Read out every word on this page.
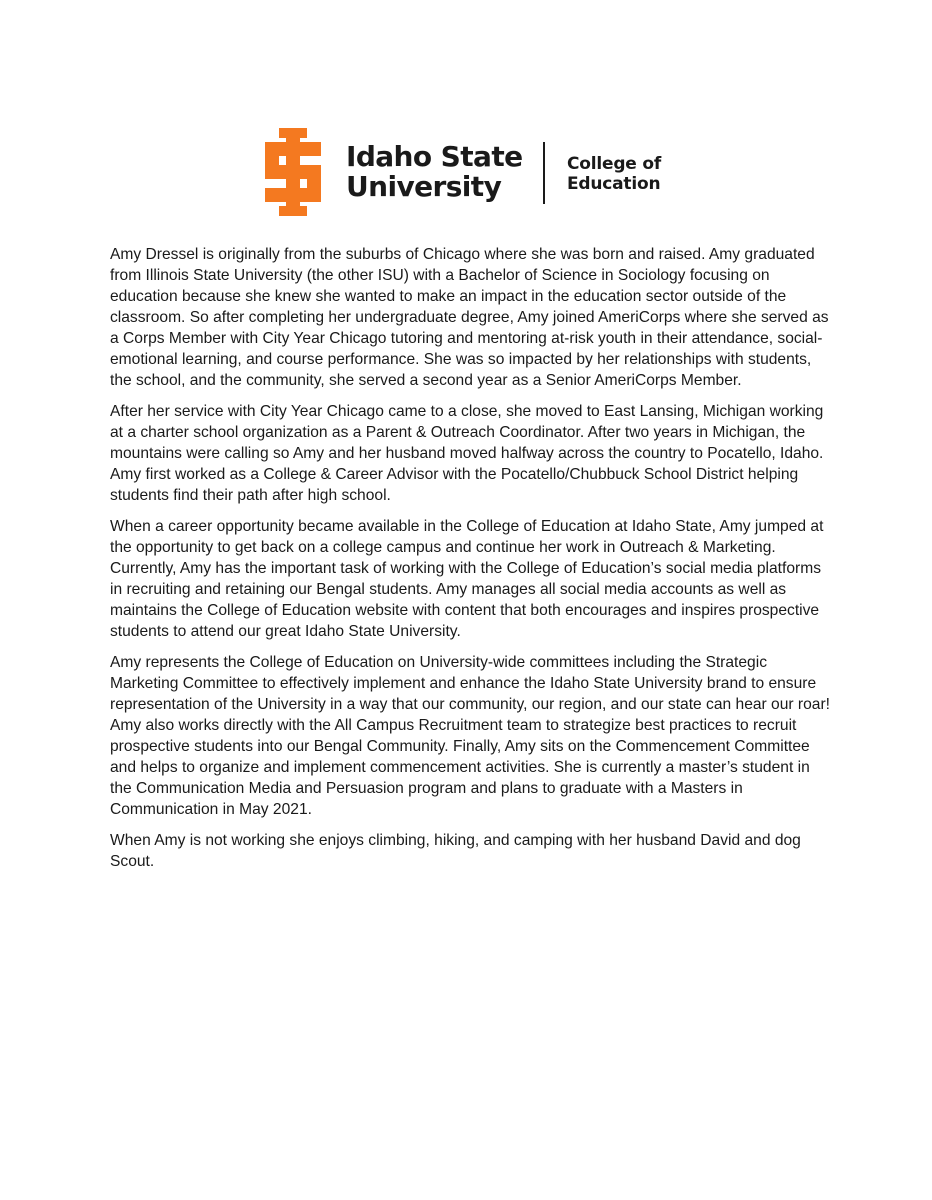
Idaho State
University
College of
Education

Amy Dressel is originally from the suburbs of Chicago where she was born and raised. Amy graduated from Illinois State University (the other ISU) with a Bachelor of Science in Sociology focusing on education because she knew she wanted to make an impact in the education sector outside of the classroom. So after completing her undergraduate degree, Amy joined AmeriCorps where she served as a Corps Member with City Year Chicago tutoring and mentoring at-risk youth in their attendance, social-emotional learning, and course performance. She was so impacted by her relationships with students, the school, and the community, she served a second year as a Senior AmeriCorps Member.

After her service with City Year Chicago came to a close, she moved to East Lansing, Michigan working at a charter school organization as a Parent & Outreach Coordinator. After two years in Michigan, the mountains were calling so Amy and her husband moved halfway across the country to Pocatello, Idaho. Amy first worked as a College & Career Advisor with the Pocatello/Chubbuck School District helping students find their path after high school.

When a career opportunity became available in the College of Education at Idaho State, Amy jumped at the opportunity to get back on a college campus and continue her work in Outreach & Marketing. Currently, Amy has the important task of working with the College of Education’s social media platforms in recruiting and retaining our Bengal students. Amy manages all social media accounts as well as maintains the College of Education website with content that both encourages and inspires prospective students to attend our great Idaho State University.

Amy represents the College of Education on University-wide committees including the Strategic Marketing Committee to effectively implement and enhance the Idaho State University brand to ensure representation of the University in a way that our community, our region, and our state can hear our roar! Amy also works directly with the All Campus Recruitment team to strategize best practices to recruit prospective students into our Bengal Community. Finally, Amy sits on the Commencement Committee and helps to organize and implement commencement activities. She is currently a master’s student in the Communication Media and Persuasion program and plans to graduate with a Masters in Communication in May 2021.

When Amy is not working she enjoys climbing, hiking, and camping with her husband David and dog Scout.
